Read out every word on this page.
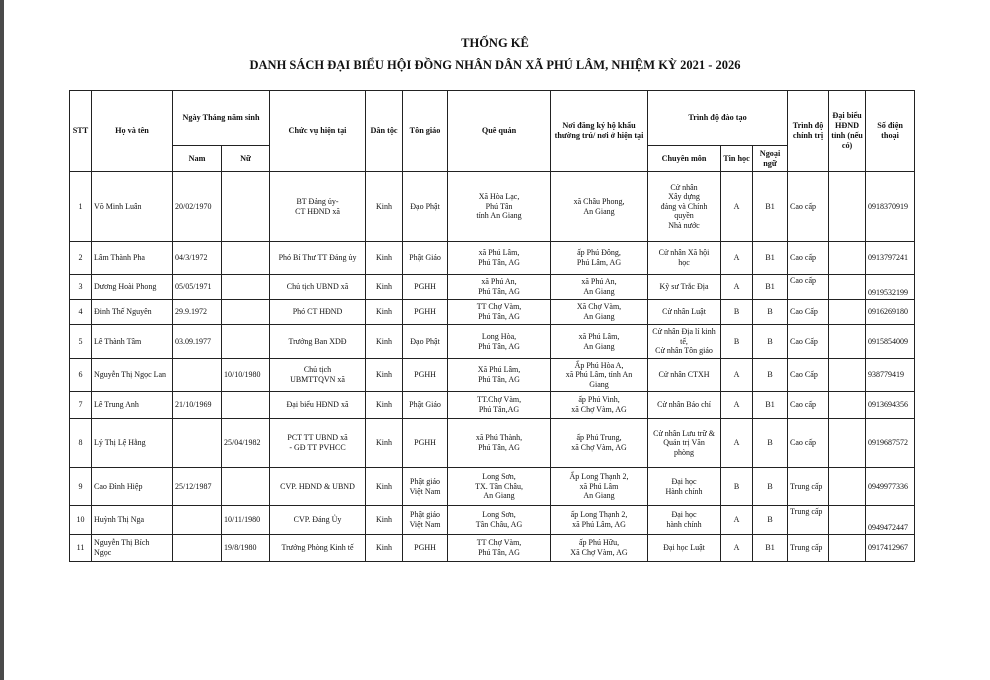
THỐNG KÊ
DANH SÁCH ĐẠI BIỂU HỘI ĐỒNG NHÂN DÂN XÃ PHÚ LÂM, NHIỆM KỲ 2021 - 2026
STT	Họ và tên	Ngày Tháng năm sinh		Chức vụ hiện tại	Dân tộc	Tôn giáo	Quê quán	Nơi đăng ký hộ khẩu thường trú/ nơi ở hiện tại	Trình độ đào tạo			Trình độ chính trị	Đại biểu HĐND tỉnh (nếu có)	Số điện thoại
		Nam	Nữ						Chuyên môn	Tin học	Ngoại ngữ			
1	Võ Minh Luân	20/02/1970		BT Đảng ủy-
CT HĐND xã	Kinh	Đạo Phật	Xã Hòa Lạc,
Phú Tân
tỉnh An Giang	xã Châu Phong,
An Giang	Cử nhân
Xây dựng
đảng và Chính
quyền
Nhà nước	A	B1	Cao cấp		0918370919
2	Lâm Thành Pha	04/3/1972		Phó Bí Thư TT Đảng ủy	Kinh	Phật Giáo	xã Phú Lâm,
Phú Tân, AG	ấp Phú Đông,
Phú Lâm, AG	Cử nhân Xã hội
học	A	B1	Cao cấp		0913797241
3	Dương Hoài Phong	05/05/1971		Chủ tịch UBND xã	Kinh	PGHH	xã Phú An,
Phú Tân, AG	xã Phú An,
An Giang	Kỹ sư Trắc Địa	A	B1	Cao cấp		0919532199
4	Đinh Thế Nguyên	29.9.1972		Phó CT HĐND	Kinh	PGHH	TT Chợ Vàm,
Phú Tân, AG	Xã Chợ Vàm,
An Giang	Cử nhân Luật	B	B	Cao Cấp		0916269180
5	Lê Thành Tâm	03.09.1977		Trưởng Ban XDĐ	Kinh	Đạo Phật	Long Hòa,
Phú Tân, AG	xã Phú Lâm,
An Giang	Cử nhân Địa lí kinh
tế,
Cử nhân Tôn giáo	B	B	Cao Cấp		0915854009
6	Nguyễn Thị Ngọc Lan		10/10/1980	Chủ tịch
UBMTTQVN xã	Kinh	PGHH	Xã Phú Lâm,
Phú Tân, AG	Ấp Phú Hòa A,
xã Phú Lâm, tỉnh An
Giang	Cử nhân CTXH	A	B	Cao Cấp		938779419
7	Lê Trung Anh	21/10/1969		Đại biểu HĐND xã	Kinh	Phật Giáo	TT.Chợ Vàm,
Phú Tân,AG	ấp Phú Vinh,
xã Chợ Vàm, AG	Cử nhân Báo chí	A	B1	Cao cấp		0913694356
8	Lý Thị Lệ Hằng		25/04/1982	PCT TT UBND xã
- GĐ TT PVHCC	Kinh	PGHH	xã Phú Thành,
Phú Tân, AG	ấp Phú Trung,
xã Chợ Vàm, AG	Cử nhân Lưu trữ &
Quản trị Văn
phòng	A	B	Cao cấp		0919687572
9	Cao Đình Hiệp	25/12/1987		CVP. HĐND & UBND	Kinh	Phật giáo
Việt Nam	Long Sơn,
TX. Tân Châu,
An Giang	Ấp Long Thạnh 2,
xã Phú Lâm
An Giang	Đại học
Hành chính	B	B	Trung cấp		0949977336
10	Huỳnh Thị Nga		10/11/1980	CVP. Đảng Ủy	Kinh	Phật giáo
Việt Nam	Long Sơn,
Tân Châu, AG	ấp Long Thạnh 2,
xã Phú Lâm, AG	Đại học
hành chính	A	B	Trung cấp		0949472447
11	Nguyễn Thị Bích
Ngọc		19/8/1980	Trưởng Phòng Kinh tế	Kinh	PGHH	TT Chợ Vàm,
Phú Tân, AG	ấp Phú Hữu,
Xã Chợ Vàm, AG	Đại học Luật	A	B1	Trung cấp		0917412967
